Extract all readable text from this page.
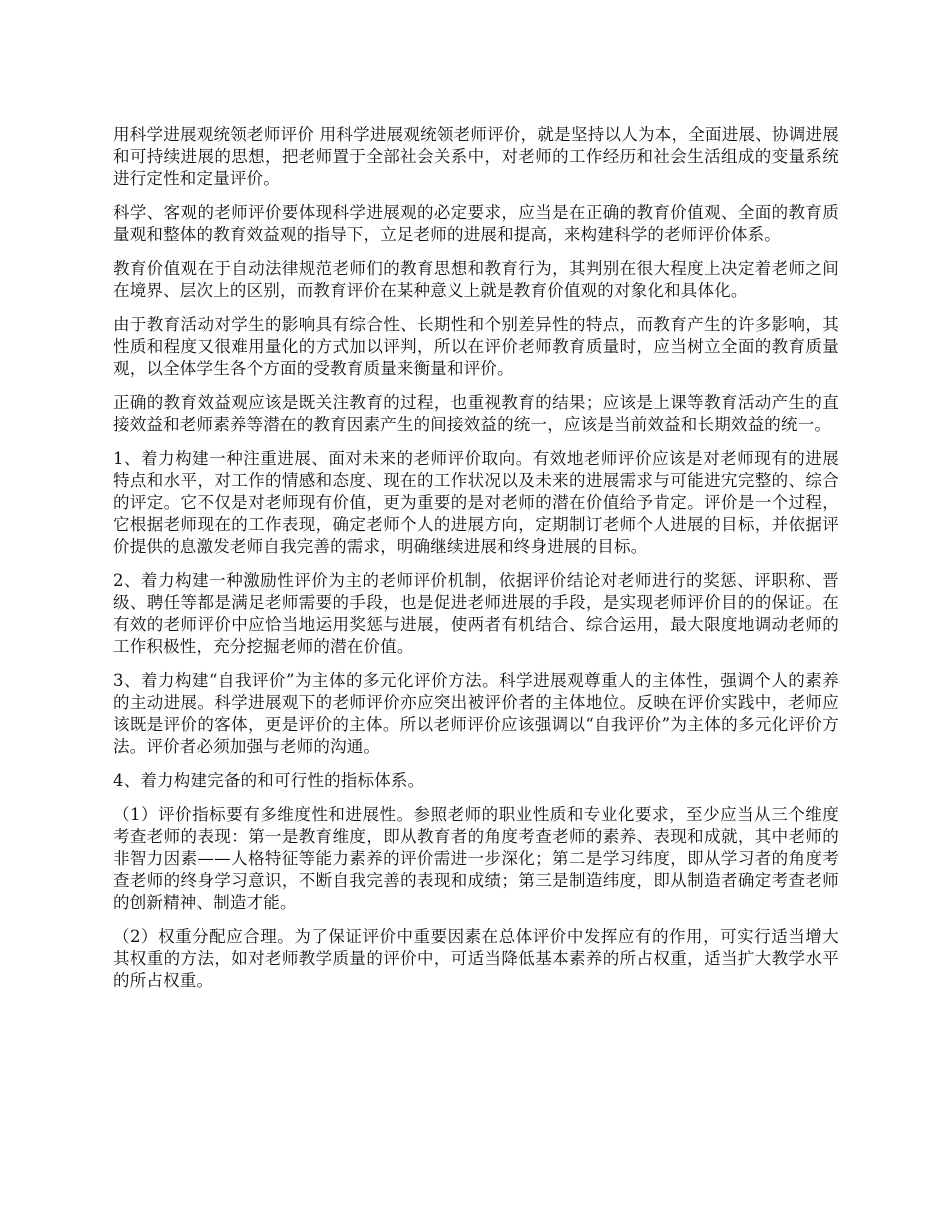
用科学进展观统领老师评价 用科学进展观统领老师评价，就是坚持以人为本，全面进展、协调进展和可持续进展的思想，把老师置于全部社会关系中，对老师的工作经历和社会生活组成的变量系统进行定性和定量评价。

科学、客观的老师评价要体现科学进展观的必定要求，应当是在正确的教育价值观、全面的教育质量观和整体的教育效益观的指导下，立足老师的进展和提高，来构建科学的老师评价体系。

教育价值观在于自动法律规范老师们的教育思想和教育行为，其判别在很大程度上决定着老师之间在境界、层次上的区别，而教育评价在某种意义上就是教育价值观的对象化和具体化。

由于教育活动对学生的影响具有综合性、长期性和个别差异性的特点，而教育产生的许多影响，其性质和程度又很难用量化的方式加以评判，所以在评价老师教育质量时，应当树立全面的教育质量观，以全体学生各个方面的受教育质量来衡量和评价。

正确的教育效益观应该是既关注教育的过程，也重视教育的结果；应该是上课等教育活动产生的直接效益和老师素养等潜在的教育因素产生的间接效益的统一，应该是当前效益和长期效益的统一。

1、着力构建一种注重进展、面对未来的老师评价取向。有效地老师评价应该是对老师现有的进展特点和水平，对工作的情感和态度、现在的工作状况以及未来的进展需求与可能进宄完整的、综合的评定。它不仅是对老师现有价值，更为重要的是对老师的潜在价值给予肯定。评价是一个过程，它根据老师现在的工作表现，确定老师个人的进展方向，定期制订老师个人进展的目标，并依据评价提供的息激发老师自我完善的需求，明确继续进展和终身进展的目标。

2、着力构建一种激励性评价为主的老师评价机制，依据评价结论对老师进行的奖惩、评职称、晋级、聘任等都是满足老师需要的手段，也是促进老师进展的手段，是实现老师评价目的的保证。在有效的老师评价中应恰当地运用奖惩与进展，使两者有机结合、综合运用，最大限度地调动老师的工作积极性，充分挖掘老师的潜在价值。

3、着力构建“自我评价”为主体的多元化评价方法。科学进展观尊重人的主体性，强调个人的素养的主动进展。科学进展观下的老师评价亦应突出被评价者的主体地位。反映在评价实践中，老师应该既是评价的客体，更是评价的主体。所以老师评价应该强调以“自我评价”为主体的多元化评价方法。评价者必须加强与老师的沟通。

4、着力构建完备的和可行性的指标体系。

（1）评价指标要有多维度性和进展性。参照老师的职业性质和专业化要求，至少应当从三个维度考查老师的表现：第一是教育维度，即从教育者的角度考查老师的素养、表现和成就，其中老师的非智力因素——人格特征等能力素养的评价需进一步深化；第二是学习纬度，即从学习者的角度考查老师的终身学习意识，不断自我完善的表现和成绩；第三是制造纬度，即从制造者确定考查老师的创新精神、制造才能。

（2）权重分配应合理。为了保证评价中重要因素在总体评价中发挥应有的作用，可实行适当增大其权重的方法，如对老师教学质量的评价中，可适当降低基本素养的所占权重，适当扩大教学水平的所占权重。
